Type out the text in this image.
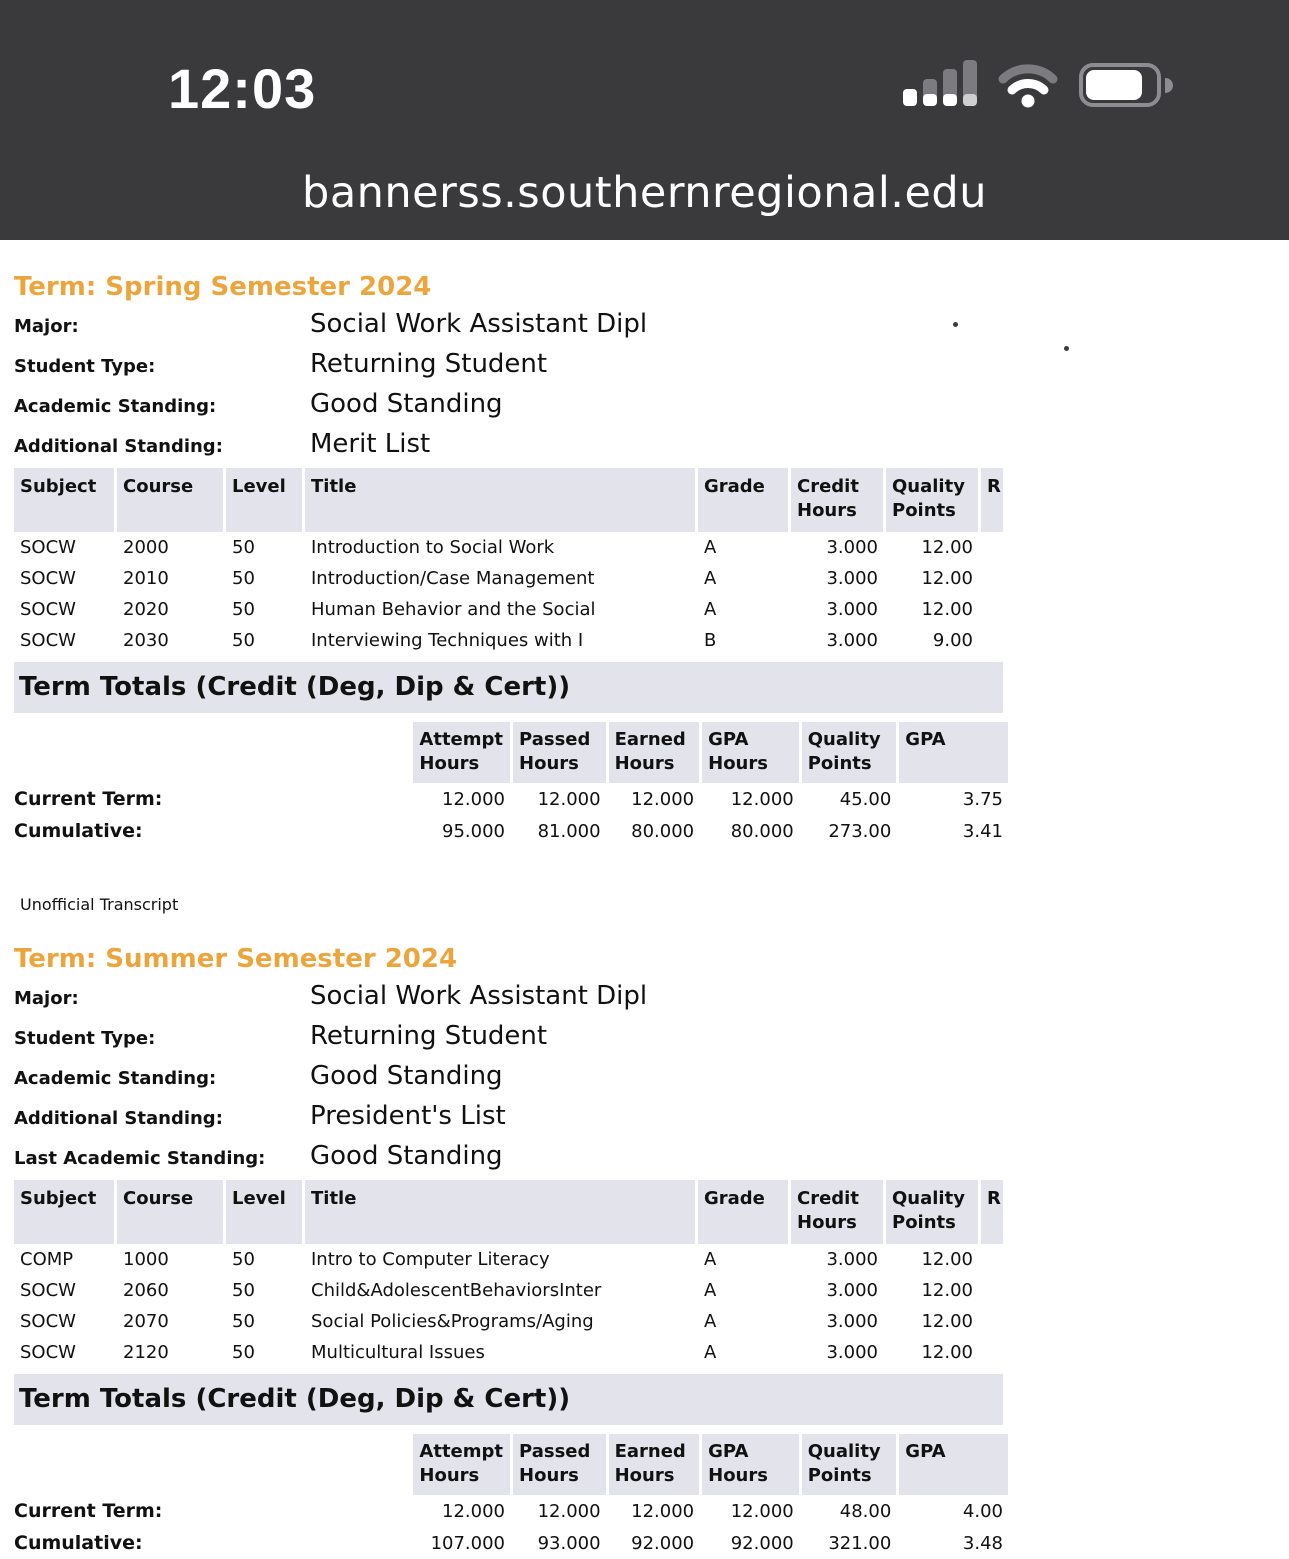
12:03
bannerss.southernregional.edu
Term: Spring Semester 2024
Major:	Social Work Assistant Dipl
Student Type:	Returning Student
Academic Standing:	Good Standing
Additional Standing:	Merit List
Subject	Course	Level	Title	Grade	Credit Hours	Quality Points	R
SOCW	2000	50	Introduction to Social Work	A	3.000	12.00	
SOCW	2010	50	Introduction/Case Management	A	3.000	12.00	
SOCW	2020	50	Human Behavior and the Social	A	3.000	12.00	
SOCW	2030	50	Interviewing Techniques with I	B	3.000	9.00	
Term Totals (Credit (Deg, Dip & Cert))
	Attempt Hours	Passed Hours	Earned Hours	GPA Hours	Quality Points	GPA
Current Term:	12.000	12.000	12.000	12.000	45.00	3.75
Cumulative:	95.000	81.000	80.000	80.000	273.00	3.41
Unofficial Transcript
Term: Summer Semester 2024
Major:	Social Work Assistant Dipl
Student Type:	Returning Student
Academic Standing:	Good Standing
Additional Standing:	President's List
Last Academic Standing:	Good Standing
Subject	Course	Level	Title	Grade	Credit Hours	Quality Points	R
COMP	1000	50	Intro to Computer Literacy	A	3.000	12.00	
SOCW	2060	50	Child&AdolescentBehaviorsInter	A	3.000	12.00	
SOCW	2070	50	Social Policies&Programs/Aging	A	3.000	12.00	
SOCW	2120	50	Multicultural Issues	A	3.000	12.00	
Term Totals (Credit (Deg, Dip & Cert))
	Attempt Hours	Passed Hours	Earned Hours	GPA Hours	Quality Points	GPA
Current Term:	12.000	12.000	12.000	12.000	48.00	4.00
Cumulative:	107.000	93.000	92.000	92.000	321.00	3.48
